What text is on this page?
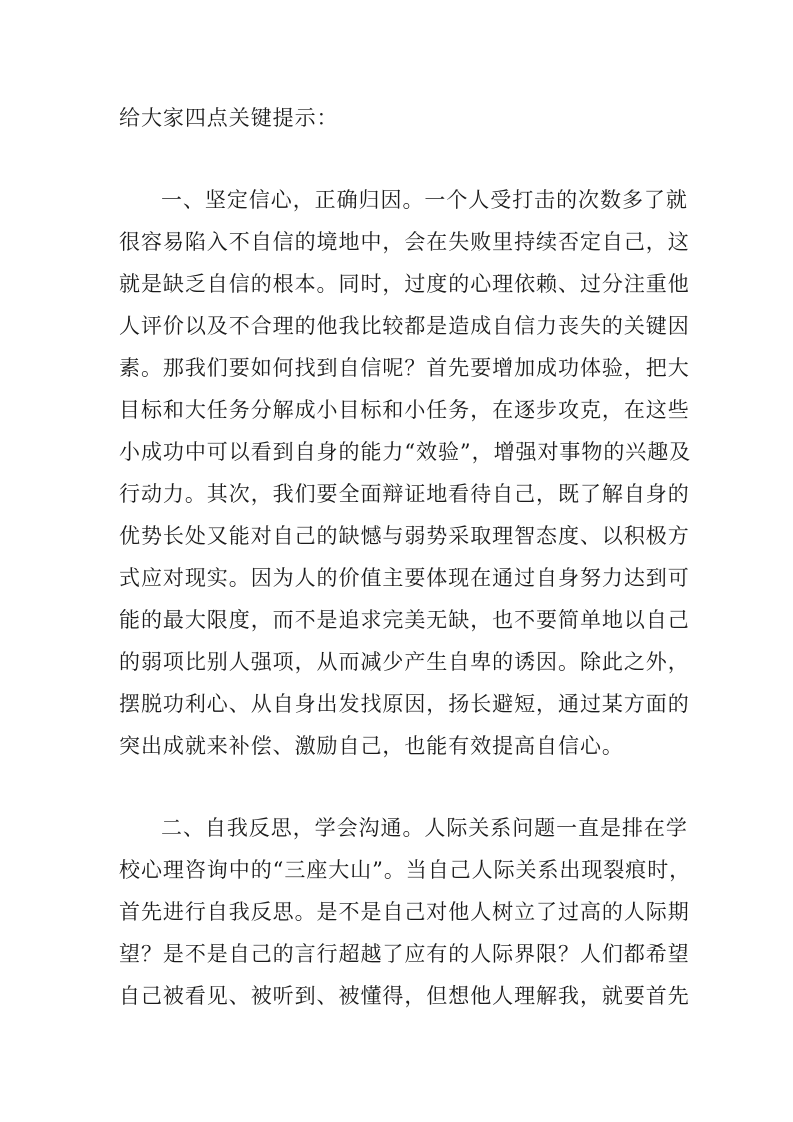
给大家四点关键提示：
一、坚定信心，正确归因。一个人受打击的次数多了就
很容易陷入不自信的境地中，会在失败里持续否定自己，这
就是缺乏自信的根本。同时，过度的心理依赖、过分注重他
人评价以及不合理的他我比较都是造成自信力丧失的关键因
素。那我们要如何找到自信呢？首先要增加成功体验，把大
目标和大任务分解成小目标和小任务，在逐步攻克，在这些
小成功中可以看到自身的能力“效验”，增强对事物的兴趣及
行动力。其次，我们要全面辩证地看待自己，既了解自身的
优势长处又能对自己的缺憾与弱势采取理智态度、以积极方
式应对现实。因为人的价值主要体现在通过自身努力达到可
能的最大限度，而不是追求完美无缺，也不要简单地以自己
的弱项比别人强项，从而减少产生自卑的诱因。除此之外，
摆脱功利心、从自身出发找原因，扬长避短，通过某方面的
突出成就来补偿、激励自己，也能有效提高自信心。
二、自我反思，学会沟通。人际关系问题一直是排在学
校心理咨询中的“三座大山”。当自己人际关系出现裂痕时，
首先进行自我反思。是不是自己对他人树立了过高的人际期
望？是不是自己的言行超越了应有的人际界限？人们都希望
自己被看见、被听到、被懂得，但想他人理解我，就要首先
